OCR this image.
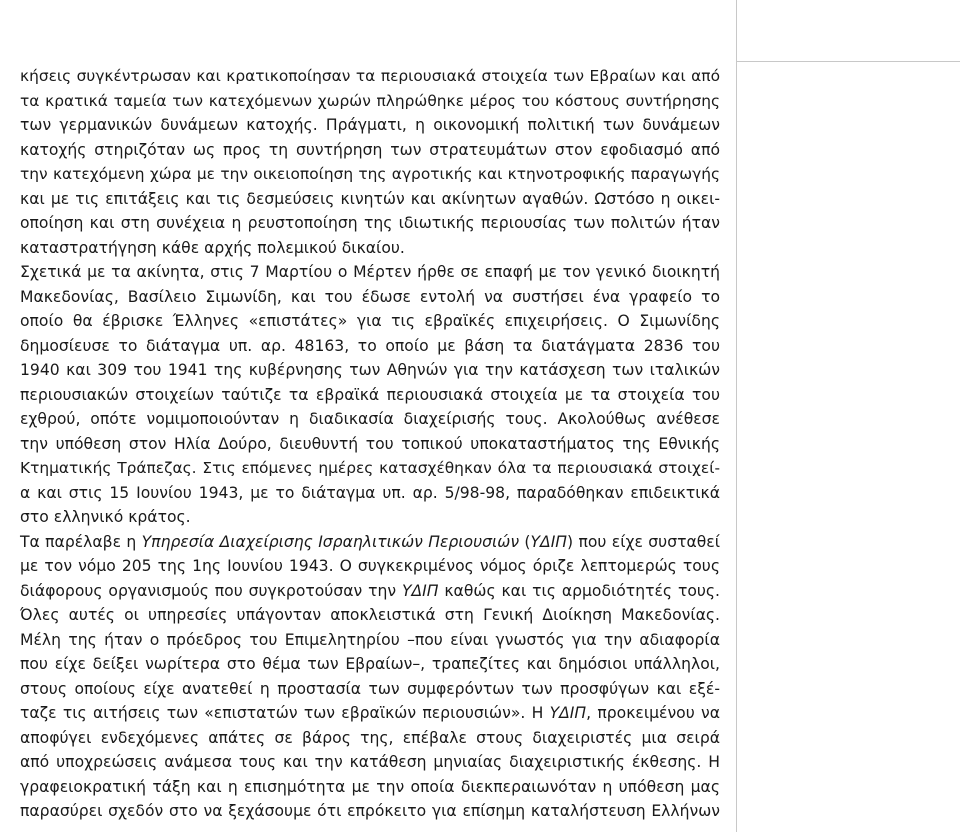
κήσεις συγκέντρωσαν και κρατικοποίησαν τα περιουσιακά στοιχεία των Εβραίων και από
τα κρατικά ταμεία των κατεχόμενων χωρών πληρώθηκε μέρος του κόστους συντήρησης
των γερμανικών δυνάμεων κατοχής. Πράγματι, η οικονομική πολιτική των δυνάμεων
κατοχής στηριζόταν ως προς τη συντήρηση των στρατευμάτων στον εφοδιασμό από
την κατεχόμενη χώρα με την οικειοποίηση της αγροτικής και κτηνοτροφικής παραγωγής
και με τις επιτάξεις και τις δεσμεύσεις κινητών και ακίνητων αγαθών. Ωστόσο η οικει-
οποίηση και στη συνέχεια η ρευστοποίηση της ιδιωτικής περιουσίας των πολιτών ήταν
καταστρατήγηση κάθε αρχής πολεμικού δικαίου.
Σχετικά με τα ακίνητα, στις 7 Μαρτίου ο Μέρτεν ήρθε σε επαφή με τον γενικό διοικητή
Μακεδονίας, Βασίλειο Σιμωνίδη, και του έδωσε εντολή να συστήσει ένα γραφείο το
οποίο θα έβρισκε Έλληνες «επιστάτες» για τις εβραϊκές επιχειρήσεις. Ο Σιμωνίδης
δημοσίευσε το διάταγμα υπ. αρ. 48163, το οποίο με βάση τα διατάγματα 2836 του
1940 και 309 του 1941 της κυβέρνησης των Αθηνών για την κατάσχεση των ιταλικών
περιουσιακών στοιχείων ταύτιζε τα εβραϊκά περιουσιακά στοιχεία με τα στοιχεία του
εχθρού, οπότε νομιμοποιούνταν η διαδικασία διαχείρισής τους. Ακολούθως ανέθεσε
την υπόθεση στον Ηλία Δούρο, διευθυντή του τοπικού υποκαταστήματος της Εθνικής
Κτηματικής Τράπεζας. Στις επόμενες ημέρες κατασχέθηκαν όλα τα περιουσιακά στοιχεί-
α και στις 15 Ιουνίου 1943, με το διάταγμα υπ. αρ. 5/98-98, παραδόθηκαν επιδεικτικά
στο ελληνικό κράτος.
Τα παρέλαβε η Υπηρεσία Διαχείρισης Ισραηλιτικών Περιουσιών (ΥΔΙΠ) που είχε συσταθεί
με τον νόμο 205 της 1ης Ιουνίου 1943. Ο συγκεκριμένος νόμος όριζε λεπτομερώς τους
διάφορους οργανισμούς που συγκροτούσαν την ΥΔΙΠ καθώς και τις αρμοδιότητές τους.
Όλες αυτές οι υπηρεσίες υπάγονταν αποκλειστικά στη Γενική Διοίκηση Μακεδονίας.
Μέλη της ήταν ο πρόεδρος του Επιμελητηρίου –που είναι γνωστός για την αδιαφορία
που είχε δείξει νωρίτερα στο θέμα των Εβραίων–, τραπεζίτες και δημόσιοι υπάλληλοι,
στους οποίους είχε ανατεθεί η προστασία των συμφερόντων των προσφύγων και εξέ-
ταζε τις αιτήσεις των «επιστατών των εβραϊκών περιουσιών». Η ΥΔΙΠ, προκειμένου να
αποφύγει ενδεχόμενες απάτες σε βάρος της, επέβαλε στους διαχειριστές μια σειρά
από υποχρεώσεις ανάμεσα τους και την κατάθεση μηνιαίας διαχειριστικής έκθεσης. Η
γραφειοκρατική τάξη και η επισημότητα με την οποία διεκπεραιωνόταν η υπόθεση μας
παρασύρει σχεδόν στο να ξεχάσουμε ότι επρόκειτο για επίσημη καταλήστευση Ελλήνων
